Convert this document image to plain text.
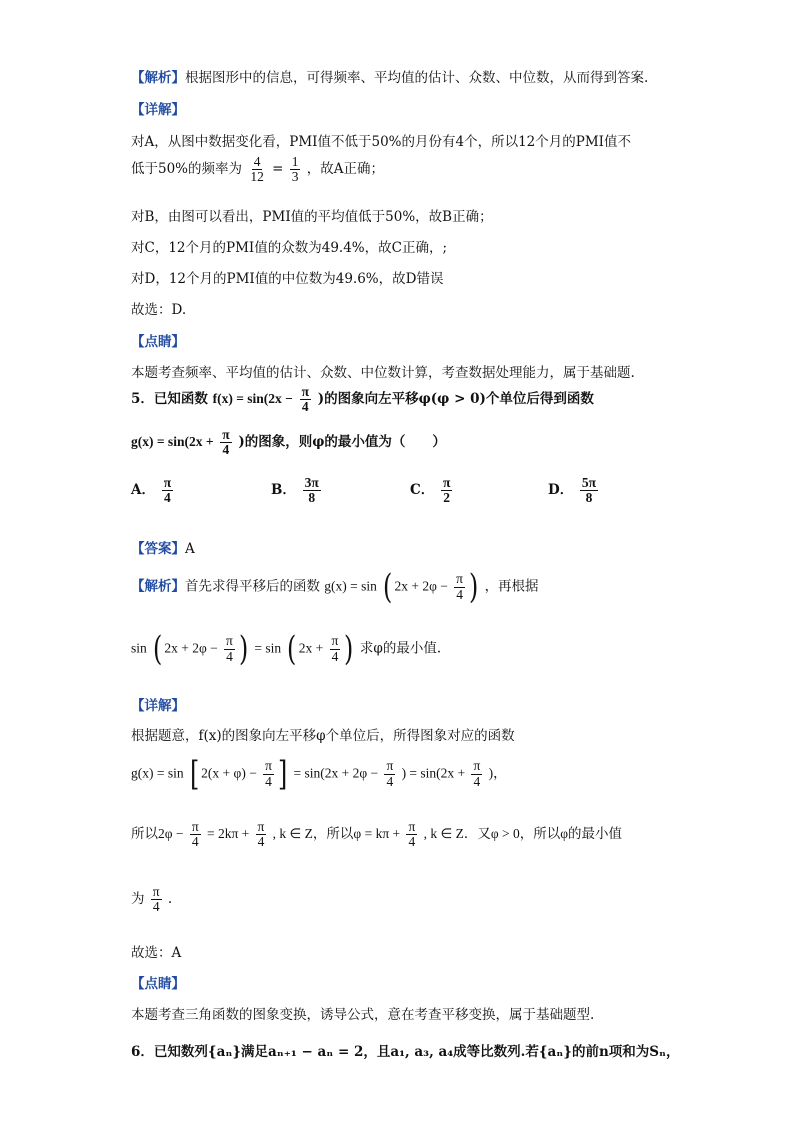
【解析】根据图形中的信息，可得频率、平均值的估计、众数、中位数，从而得到答案.
【详解】
对A，从图中数据变化看，PMI值不低于50%的月份有4个，所以12个月的PMI值不
低于50%的频率为 $\frac{4}{12} = \frac{1}{3}$ ，故A正确；
对B，由图可以看出，PMI值的平均值低于50%，故B正确；
对C，12个月的PMI值的众数为49.4%，故C正确，;
对D，12个月的PMI值的中位数为49.6%，故D错误
故选：D.
【点睛】
本题考查频率、平均值的估计、众数、中位数计算，考查数据处理能力，属于基础题.
5．已知函数 $f(x) = \sin(2x - \frac{\pi}{4}$ )的图象向左平移φ(φ > 0)个单位后得到函数
$g(x) = \sin(2x + \frac{\pi}{4}$ )的图象，则φ的最小值为（　　）
A． $\frac{\pi}{4}$	B． $\frac{3\pi}{8}$	C． $\frac{\pi}{2}$	D． $\frac{5\pi}{8}$
【答案】A
【解析】首先求得平移后的函数 g(x) = sin ( $2x + 2\varphi - \frac{\pi}{4}$ ) ，再根据
sin ( $2x + 2\varphi - \frac{\pi}{4}$ ) = sin ( $2x + \frac{\pi}{4}$ ) 求φ的最小值.
【详解】
根据题意，f(x)的图象向左平移φ个单位后，所得图象对应的函数
g(x) = sin [ $2(x + \varphi) - \frac{\pi}{4}$ ] = $\sin(2x + 2\varphi - \frac{\pi}{4}$ ) = $\sin(2x + \frac{\pi}{4}$ )，
所以$2\varphi - \frac{\pi}{4} = 2k\pi + \frac{\pi}{4}$ , k ∈ Z，所以$\varphi = k\pi + \frac{\pi}{4}$ , k ∈ Z．又φ > 0，所以φ的最小值
为 $\frac{\pi}{4}$ .
故选：A
【点睛】
本题考查三角函数的图象变换，诱导公式，意在考查平移变换，属于基础题型.
6．已知数列{aₙ}满足aₙ₊₁ − aₙ = 2，且a₁, a₃, a₄成等比数列.若{aₙ}的前n项和为Sₙ，
